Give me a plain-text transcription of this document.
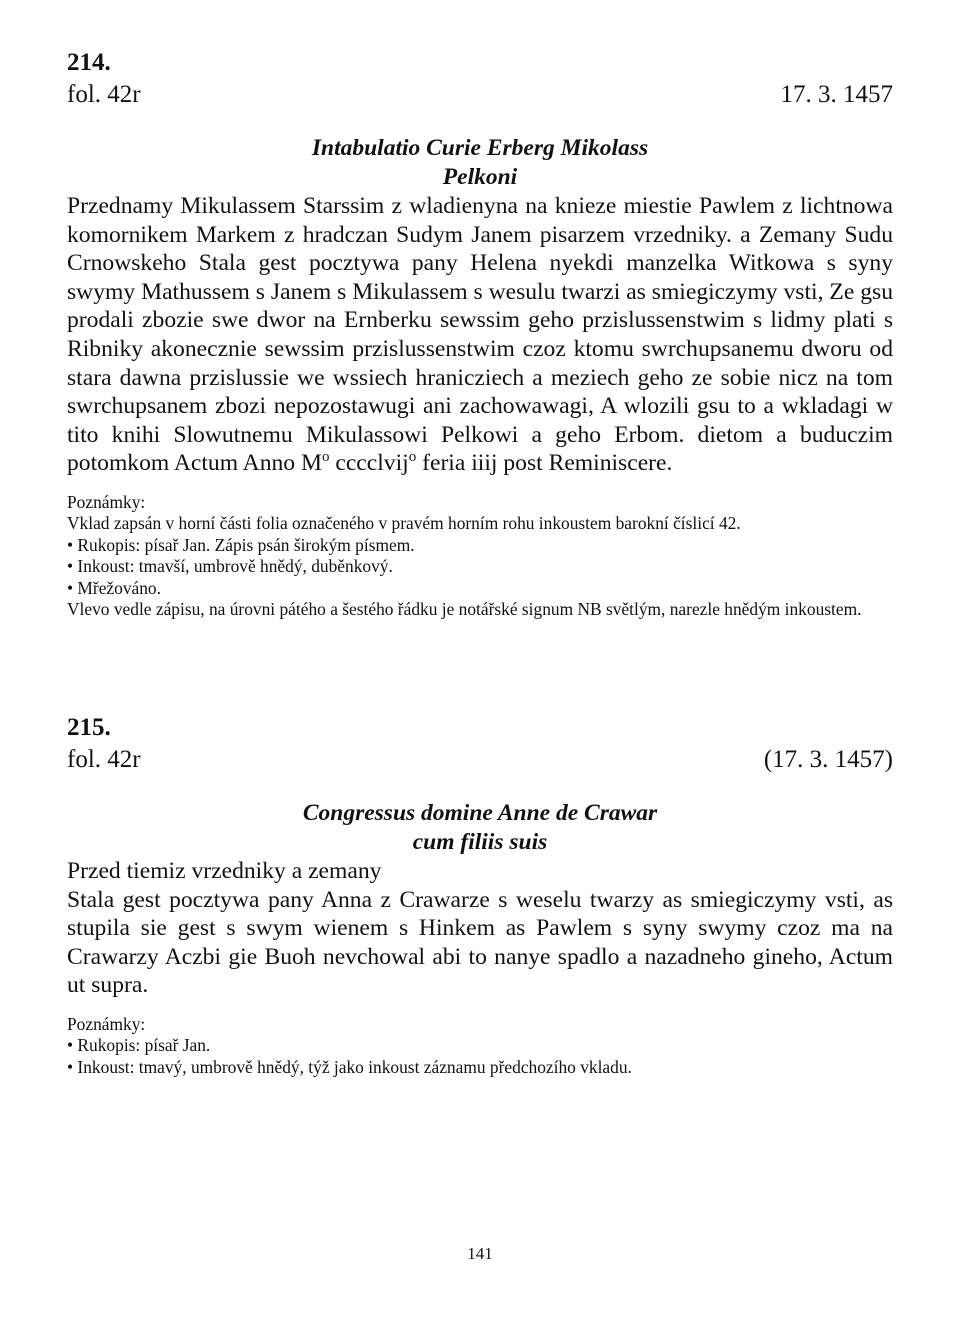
214.
fol. 42r	17. 3. 1457
Intabulatio Curie Erberg Mikolass
Pelkoni

Przednamy Mikulassem Starssim z wladienyna na knieze miestie Pawlem z lichtnowa komornikem Markem z hradczan Sudym Janem pisarzem vrzedniky. a Zemany Sudu Crnowskeho Stala gest pocztywa pany Helena nyekdi manzelka Witkowa s syny swymy Mathussem s Janem s Mikulassem s wesulu twarzi as smiegiczymy vsti, Ze gsu prodali zbozie swe dwor na Ernberku sewssim geho przislussenstwim s lidmy plati s Ribniky akonecznie sewssim przislussenstwim czoz ktomu swrchupsanemu dworu od stara dawna przislussie we wssiech hranicziech a meziech geho ze sobie nicz na tom swrchupsanem zbozi nepozostawugi ani zachowawagi, A wlozili gsu to a wkladagi w tito knihi Slowutnemu Mikulassowi Pelkowi a geho Erbom. dietom a buduczim potomkom Actum Anno $M^o$ cccclvij$^o$ feria iiij post Reminiscere.

Poznámky:

Vklad zapsán v horní části folia označeného v pravém horním rohu inkoustem barokní číslicí 42.

• Rukopis: písař Jan. Zápis psán širokým písmem.

• Inkoust: tmavší, umbrově hnědý, duběnkový.

• Mřežováno.

Vlevo vedle zápisu, na úrovni pátého a šestého řádku je notářské signum NB světlým, narezle hnědým inkoustem.

215.
fol. 42r	(17. 3. 1457)
Congressus domine Anne de Crawar
cum filiis suis
Przed tiemiz vrzedniky a zemany

Stala gest pocztywa pany Anna z Crawarze s weselu twarzy as smiegiczymy vsti, as stupila sie gest s swym wienem s Hinkem as Pawlem s syny swymy czoz ma na Crawarzy Aczbi gie Buoh nevchowal abi to nanye spadlo a nazadneho gineho, Actum ut supra.

Poznámky:

• Rukopis: písař Jan.

• Inkoust: tmavý, umbrově hnědý, týž jako inkoust záznamu předchozího vkladu.

141
